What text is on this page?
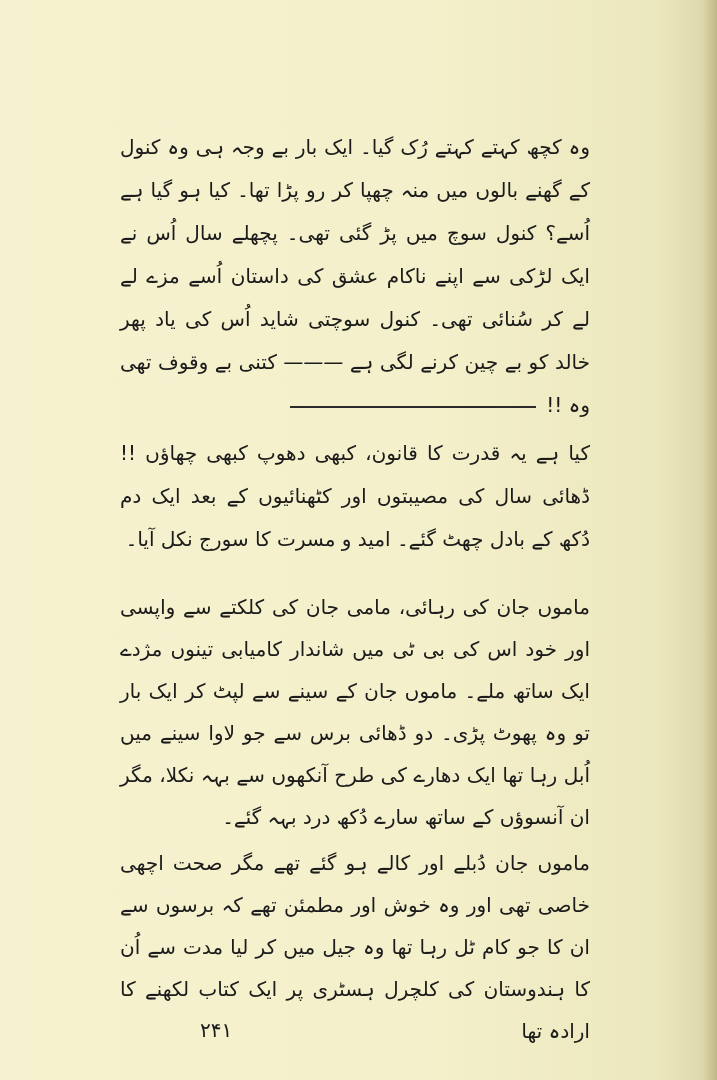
وہ کچھ کہتے کہتے رُک گیا۔ ایک بار بے وجہ ہی وہ کنول کے گھنے بالوں میں منہ چھپا کر رو پڑا تھا۔ کیا ہو گیا ہے اُسے؟ کنول سوچ میں پڑ گئی تھی۔ پچھلے سال اُس نے ایک لڑکی سے اپنے ناکام عشق کی داستان اُسے مزے لے لے کر سُنائی تھی۔ کنول سوچتی شاید اُس کی یاد پھر خالد کو بے چین کرنے لگی ہے ——— کتنی بے وقوف تھی وہ !!

کیا ہے یہ قدرت کا قانون، کبھی دھوپ کبھی چھاؤں !! ڈھائی سال کی مصیبتوں اور کٹھنائیوں کے بعد ایک دم دُکھ کے بادل چھٹ گئے۔ امید و مسرت کا سورج نکل آیا۔

ماموں جان کی رہائی، مامی جان کی کلکتے سے واپسی اور خود اس کی بی ٹی میں شاندار کامیابی تینوں مژدے ایک ساتھ ملے۔ ماموں جان کے سینے سے لپٹ کر ایک بار تو وہ پھوٹ پڑی۔ دو ڈھائی برس سے جو لاوا سینے میں اُبل رہا تھا ایک دھارے کی طرح آنکھوں سے بہہ نکلا، مگر ان آنسوؤں کے ساتھ سارے دُکھ درد بہہ گئے۔

ماموں جان دُبلے اور کالے ہو گئے تھے مگر صحت اچھی خاصی تھی اور وہ خوش اور مطمئن تھے کہ برسوں سے ان کا جو کام ٹل رہا تھا وہ جیل میں کر لیا مدت سے اُن کا ہندوستان کی کلچرل ہسٹری پر ایک کتاب لکھنے کا ارادہ تھا

۲۴۱
